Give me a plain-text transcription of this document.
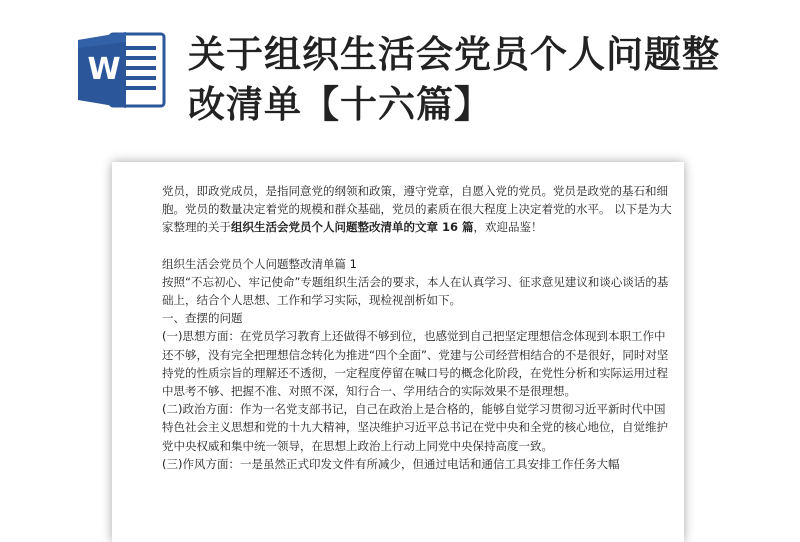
W 关于组织生活会党员个人问题整
改清单【十六篇】

党员，即政党成员，是指同意党的纲领和政策，遵守党章，自愿入党的党员。党员是政党的基石和细胞。党员的数量决定着党的规模和群众基础，党员的素质在很大程度上决定着党的水平。 以下是为大家整理的关于组织生活会党员个人问题整改清单的文章 16 篇，欢迎品鉴！

组织生活会党员个人问题整改清单篇 1

按照“不忘初心、牢记使命”专题组织生活会的要求，本人在认真学习、征求意见建议和谈心谈话的基础上，结合个人思想、工作和学习实际，现检视剖析如下。

一、查摆的问题

(一)思想方面：在党员学习教育上还做得不够到位，也感觉到自己把坚定理想信念体现到本职工作中还不够，没有完全把理想信念转化为推进“四个全面”、党建与公司经营相结合的不是很好，同时对坚持党的性质宗旨的理解还不透彻，一定程度停留在喊口号的概念化阶段，在党性分析和实际运用过程中思考不够、把握不准、对照不深，知行合一、学用结合的实际效果不是很理想。

(二)政治方面：作为一名党支部书记，自己在政治上是合格的，能够自觉学习贯彻习近平新时代中国特色社会主义思想和党的十九大精神，坚决维护习近平总书记在党中央和全党的核心地位，自觉维护党中央权威和集中统一领导，在思想上政治上行动上同党中央保持高度一致。

(三)作风方面：一是虽然正式印发文件有所减少，但通过电话和通信工具安排工作任务大幅
